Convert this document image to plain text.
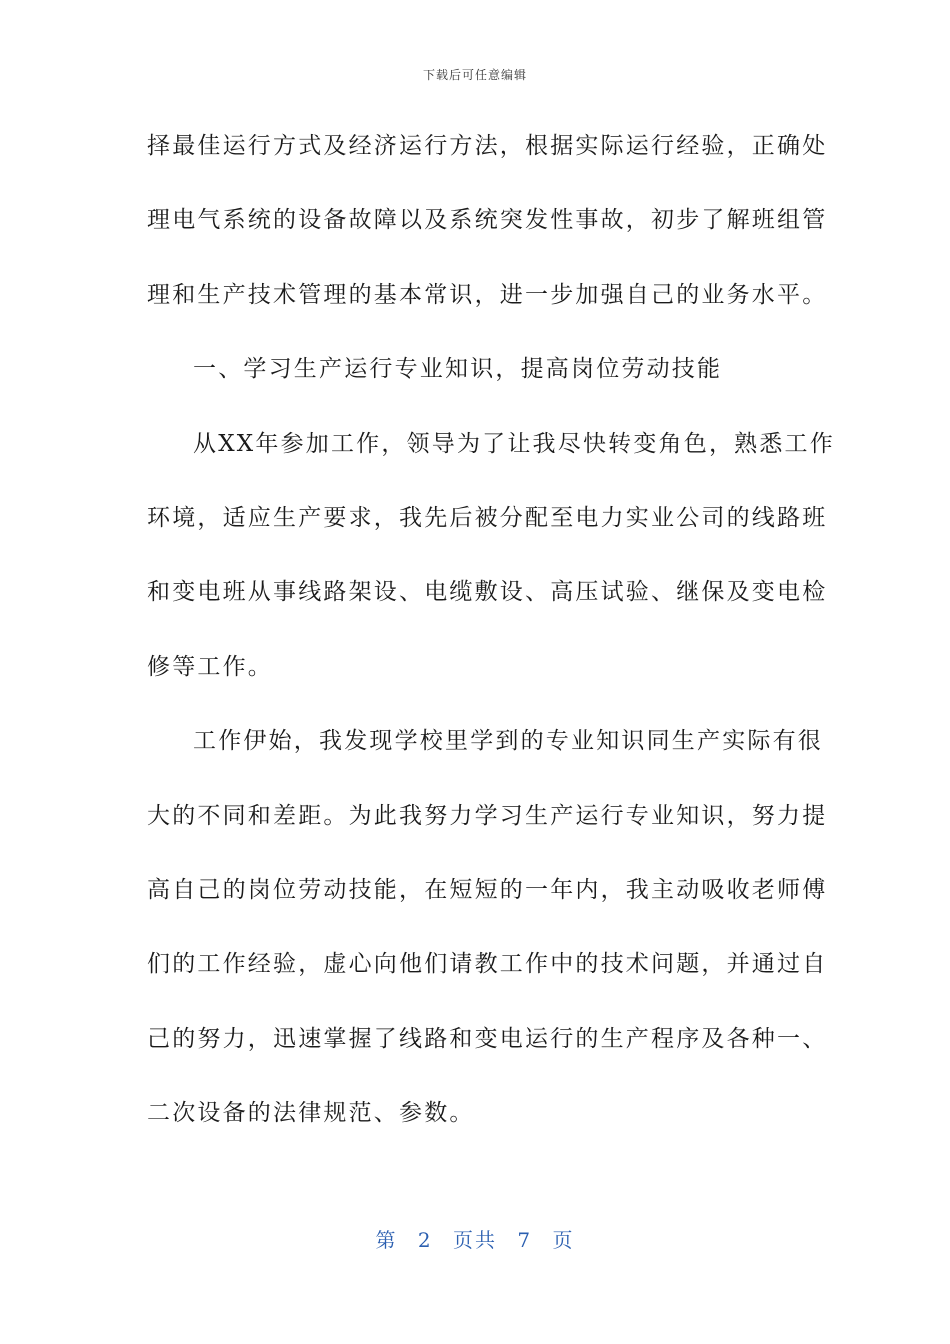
下载后可任意编辑
择最佳运行方式及经济运行方法，根据实际运行经验，正确处
理电气系统的设备故障以及系统突发性事故，初步了解班组管
理和生产技术管理的基本常识，进一步加强自己的业务水平。
一、学习生产运行专业知识，提高岗位劳动技能
从XX年参加工作，领导为了让我尽快转变角色，熟悉工作
环境，适应生产要求，我先后被分配至电力实业公司的线路班
和变电班从事线路架设、电缆敷设、高压试验、继保及变电检
修等工作。
工作伊始，我发现学校里学到的专业知识同生产实际有很
大的不同和差距。为此我努力学习生产运行专业知识，努力提
高自己的岗位劳动技能，在短短的一年内，我主动吸收老师傅
们的工作经验，虚心向他们请教工作中的技术问题，并通过自
己的努力，迅速掌握了线路和变电运行的生产程序及各种一、
二次设备的法律规范、参数。
第 2 页共 7 页
